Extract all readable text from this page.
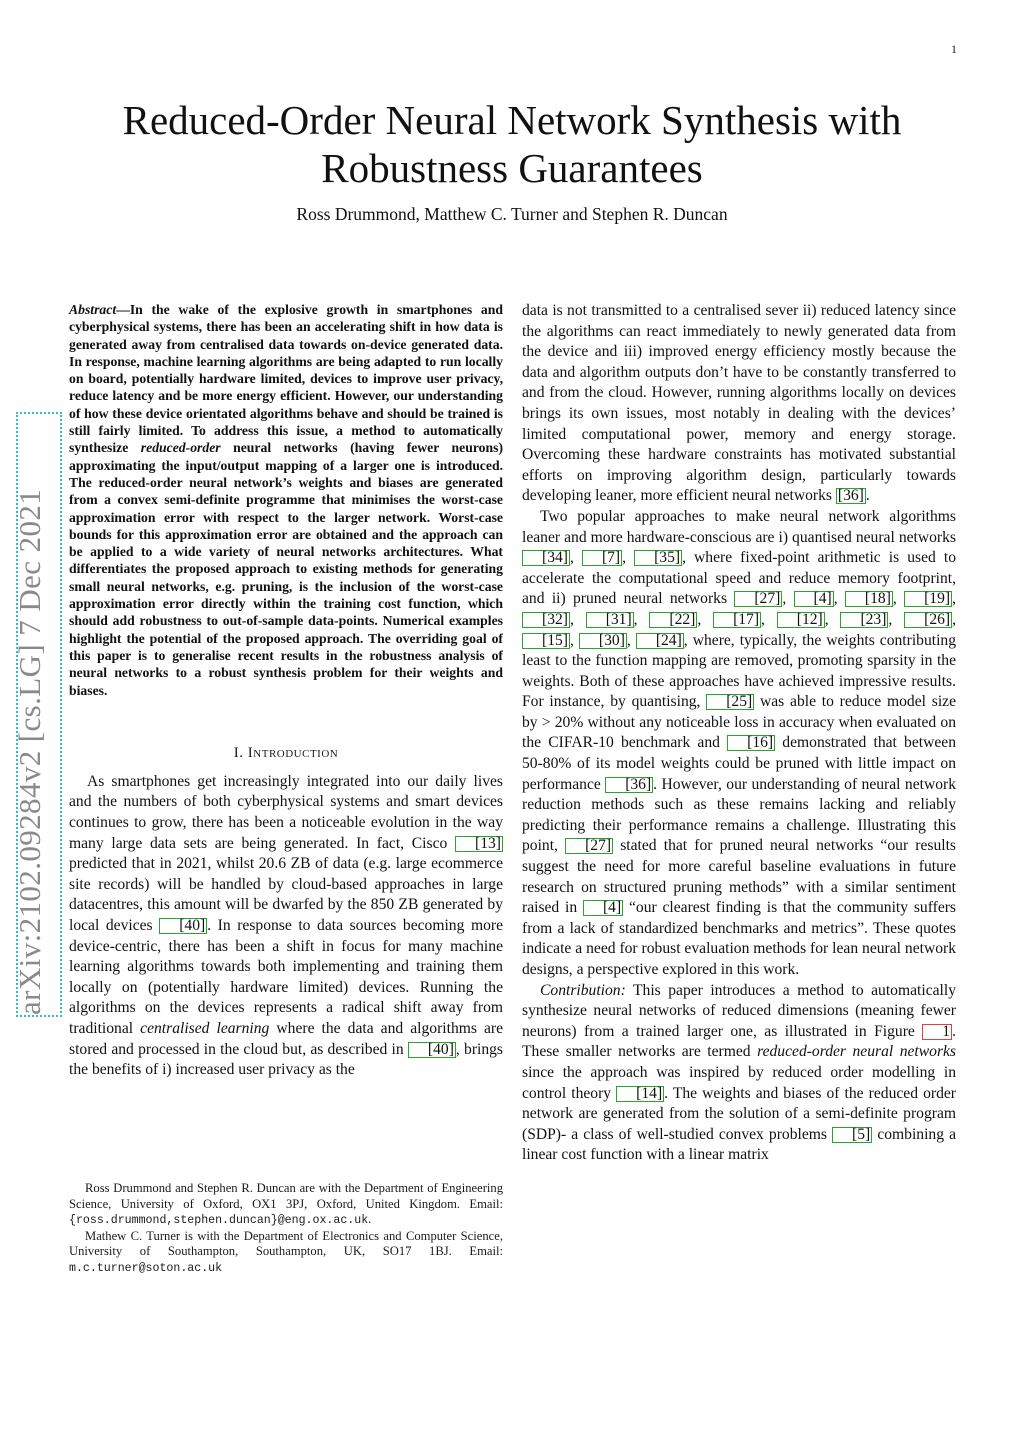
1
Reduced-Order Neural Network Synthesis with Robustness Guarantees
Ross Drummond, Matthew C. Turner and Stephen R. Duncan
arXiv:2102.09284v2 [cs.LG] 7 Dec 2021

Abstract—In the wake of the explosive growth in smartphones and cyberphysical systems, there has been an accelerating shift in how data is generated away from centralised data towards on-device generated data. In response, machine learning algorithms are being adapted to run locally on board, potentially hardware limited, devices to improve user privacy, reduce latency and be more energy efficient. However, our understanding of how these device orientated algorithms behave and should be trained is still fairly limited. To address this issue, a method to automatically synthesize reduced-order neural networks (having fewer neurons) approximating the input/output mapping of a larger one is introduced. The reduced-order neural network’s weights and biases are generated from a convex semi-definite programme that minimises the worst-case approximation error with respect to the larger network. Worst-case bounds for this approximation error are obtained and the approach can be applied to a wide variety of neural networks architectures. What differentiates the proposed approach to existing methods for generating small neural networks, e.g. pruning, is the inclusion of the worst-case approximation error directly within the training cost function, which should add robustness to out-of-sample data-points. Numerical examples highlight the potential of the proposed approach. The overriding goal of this paper is to generalise recent results in the robustness analysis of neural networks to a robust synthesis problem for their weights and biases.

I. Introduction

As smartphones get increasingly integrated into our daily lives and the numbers of both cyberphysical systems and smart devices continues to grow, there has been a noticeable evolution in the way many large data sets are being generated. In fact, Cisco [13] predicted that in 2021, whilst 20.6 ZB of data (e.g. large ecommerce site records) will be handled by cloud-based approaches in large datacentres, this amount will be dwarfed by the 850 ZB generated by local devices [40] . In response to data sources becoming more device-centric, there has been a shift in focus for many machine learning algorithms towards both implementing and training them locally on (potentially hardware limited) devices. Running the algorithms on the devices represents a radical shift away from traditional centralised learning where the data and algorithms are stored and processed in the cloud but, as described in [40] , brings the benefits of i) increased user privacy as the

Ross Drummond and Stephen R. Duncan are with the Department of Engineering Science, University of Oxford, OX1 3PJ, Oxford, United Kingdom. Email: {ross.drummond,stephen.duncan}@eng.ox.ac.uk.

Mathew C. Turner is with the Department of Electronics and Computer Science, University of Southampton, Southampton, UK, SO17 1BJ. Email: m.c.turner@soton.ac.uk

data is not transmitted to a centralised sever ii) reduced latency since the algorithms can react immediately to newly generated data from the device and iii) improved energy efficiency mostly because the data and algorithm outputs don’t have to be constantly transferred to and from the cloud. However, running algorithms locally on devices brings its own issues, most notably in dealing with the devices’ limited computational power, memory and energy storage. Overcoming these hardware constraints has motivated substantial efforts on improving algorithm design, particularly towards developing leaner, more efficient neural networks [36] .

Two popular approaches to make neural network algorithms leaner and more hardware-conscious are i) quantised neural networks [34] , [7] , [35] , where fixed-point arithmetic is used to accelerate the computational speed and reduce memory footprint, and ii) pruned neural networks [27] , [4] , [18] , [19] , [32] , [31] , [22] , [17] , [12] , [23] , [26] , [15] , [30] , [24] , where, typically, the weights contributing least to the function mapping are removed, promoting sparsity in the weights. Both of these approaches have achieved impressive results. For instance, by quantising, [25] was able to reduce model size by > 20% without any noticeable loss in accuracy when evaluated on the CIFAR-10 benchmark and [16] demonstrated that between 50-80% of its model weights could be pruned with little impact on performance [36] . However, our understanding of neural network reduction methods such as these remains lacking and reliably predicting their performance remains a challenge. Illustrating this point, [27] stated that for pruned neural networks “our results suggest the need for more careful baseline evaluations in future research on structured pruning methods” with a similar sentiment raised in [4] “our clearest finding is that the community suffers from a lack of standardized benchmarks and metrics”. These quotes indicate a need for robust evaluation methods for lean neural network designs, a perspective explored in this work.

Contribution: This paper introduces a method to automatically synthesize neural networks of reduced dimensions (meaning fewer neurons) from a trained larger one, as illustrated in Figure 1 . These smaller networks are termed reduced-order neural networks since the approach was inspired by reduced order modelling in control theory [14] . The weights and biases of the reduced order network are generated from the solution of a semi-definite program (SDP)- a class of well-studied convex problems [5] combining a linear cost function with a linear matrix
